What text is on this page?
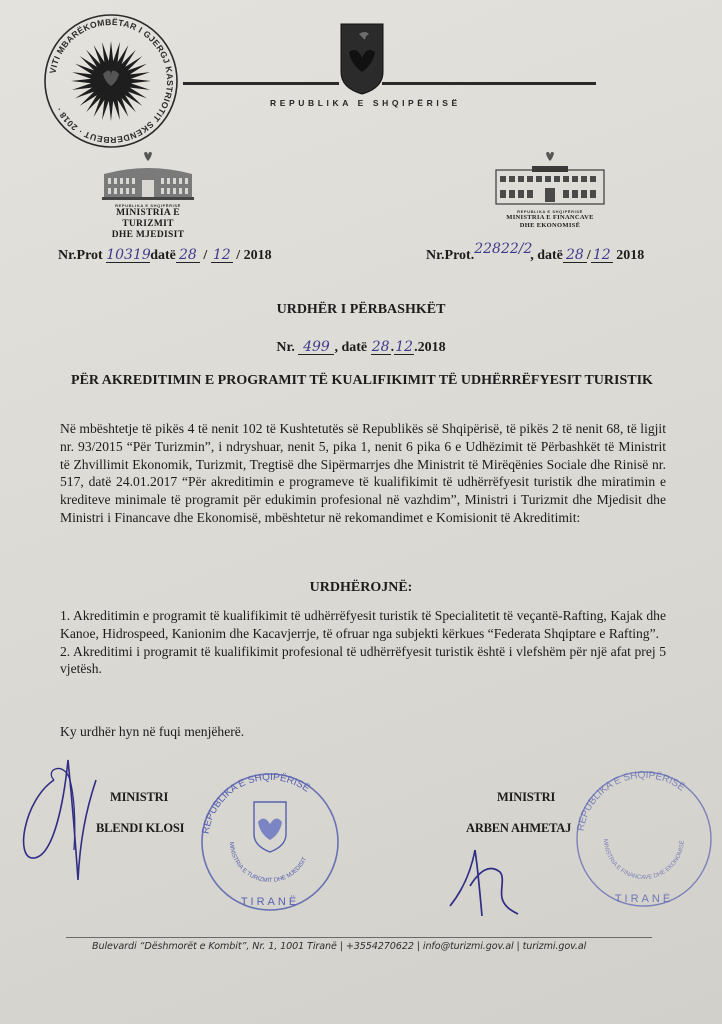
VITI MBARËKOMBËTAR I GJERGJ KASTRIOTIT SKENDERBEUT · 2018 ·
REPUBLIKA E SHQIPËRISË
REPUBLIKA E SHQIPËRISË
MINISTRIA E TURIZMIT
DHE MJEDISIT
REPUBLIKA E SHQIPËRISË
MINISTRIA E FINANCAVE
DHE EKONOMISË
Nr.Prot 10319datë 28 / 12 / 2018	Nr.Prot.22822/2, datë 28 / 12 2018
URDHËR I PËRBASHKËT
Nr. 499 , datë 28.12.2018
PËR AKREDITIMIN E PROGRAMIT TË KUALIFIKIMIT TË UDHËRRËFYESIT TURISTIK
Në mbështetje të pikës 4 të nenit 102 të Kushtetutës së Republikës së Shqipërisë, të pikës 2 të nenit 68, të ligjit nr. 93/2015 “Për Turizmin”, i ndryshuar, nenit 5, pika 1, nenit 6 pika 6 e Udhëzimit të Përbashkët të Ministrit të Zhvillimit Ekonomik, Turizmit, Tregtisë dhe Sipërmarrjes dhe Ministrit të Mirëqënies Sociale dhe Rinisë nr. 517, datë 24.01.2017 “Për akreditimin e programeve të kualifikimit të udhërrëfyesit turistik dhe miratimin e krediteve minimale të programit për edukimin profesional në vazhdim”, Ministri i Turizmit dhe Mjedisit dhe Ministri i Financave dhe Ekonomisë, mbështetur në rekomandimet e Komisionit të Akreditimit:
URDHËROJNË:

1. Akreditimin e programit të kualifikimit të udhërrëfyesit turistik të Specialitetit të veçantë-Rafting, Kajak dhe Kanoe, Hidrospeed, Kanionim dhe Kacavjerrje, të ofruar nga subjekti kërkues “Federata Shqiptare e Rafting”.

2. Akreditimi i programit të kualifikimit profesional të udhërrëfyesit turistik është i vlefshëm për një afat prej 5 vjetësh.

Ky urdhër hyn në fuqi menjëherë.
REPUBLIKA E SHQIPËRISË
MINISTRIA E TURIZMIT DHE MJEDISIT
TIRANË
MINISTRI
BLENDI KLOSI	REPUBLIKA E SHQIPËRISË
MINISTRIA E FINANCAVE DHE EKONOMISË
TIRANË
MINISTRI
ARBEN AHMETAJ
Bulevardi “Dëshmorët e Kombit”, Nr. 1, 1001 Tiranë | +3554270622 | info@turizmi.gov.al | turizmi.gov.al
